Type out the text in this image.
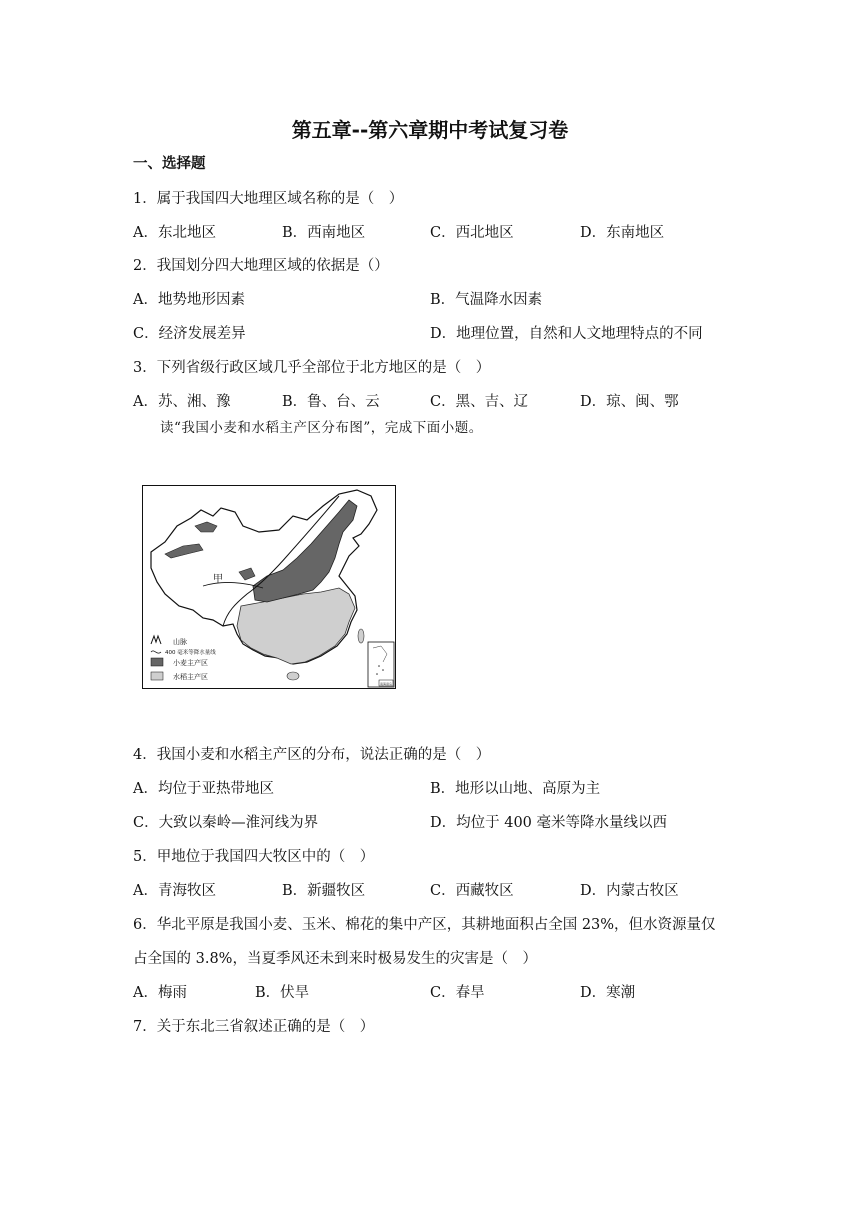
第五章--第六章期中考试复习卷
一、选择题
1．属于我国四大地理区域名称的是（　）
A．东北地区	B．西南地区	C．西北地区	D．东南地区
2．我国划分四大地理区域的依据是（）
A．地势地形因素	B．气温降水因素
C．经济发展差异	D．地理位置，自然和人文地理特点的不同
3．下列省级行政区域几乎全部位于北方地区的是（　）
A．苏、湘、豫	B．鲁、台、云	C．黑、吉、辽	D．琼、闽、鄂
读“我国小麦和水稻主产区分布图”，完成下面小题。
甲
山脉
400 毫米等降水量线
小麦主产区
水稻主产区
南海诸岛
4．我国小麦和水稻主产区的分布，说法正确的是（　）
A．均位于亚热带地区	B．地形以山地、高原为主
C．大致以秦岭—淮河线为界	D．均位于 400 毫米等降水量线以西
5．甲地位于我国四大牧区中的（　）
A．青海牧区	B．新疆牧区	C．西藏牧区	D．内蒙古牧区
6．华北平原是我国小麦、玉米、棉花的集中产区，其耕地面积占全国 23%，但水资源量仅
占全国的 3.8%，当夏季风还未到来时极易发生的灾害是（　）
A．梅雨	B．伏旱	C．春旱	D．寒潮
7．关于东北三省叙述正确的是（　）
